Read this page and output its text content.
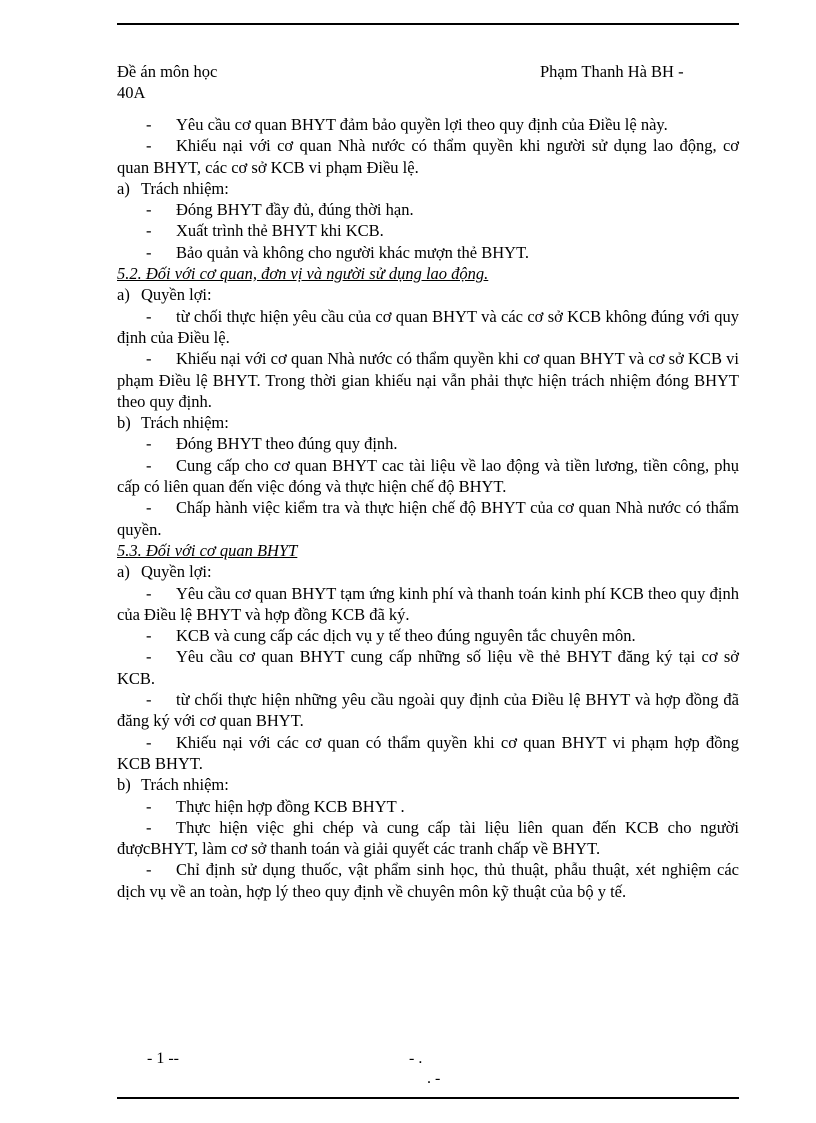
Đề án môn học	Phạm Thanh Hà BH -
40A

- Yêu cầu cơ quan BHYT đảm bảo quyền lợi theo quy định của Điều lệ này.

- Khiếu nại với cơ quan Nhà nước có thẩm quyền khi người sử dụng lao động, cơ quan BHYT, các cơ sở KCB vi phạm Điều lệ.

a) Trách nhiệm:

- Đóng BHYT đầy đủ, đúng thời hạn.

- Xuất trình thẻ BHYT khi KCB.

- Bảo quản và không cho người khác mượn thẻ BHYT.

5.2. Đối với cơ quan, đơn vị và người sử dụng lao động.

a) Quyền lợi:

- từ chối thực hiện yêu cầu của cơ quan BHYT và các cơ sở KCB không đúng với quy định của Điều lệ.

- Khiếu nại với cơ quan Nhà nước có thẩm quyền khi cơ quan BHYT và cơ sở KCB vi phạm Điều lệ BHYT. Trong thời gian khiếu nại vẫn phải thực hiện trách nhiệm đóng BHYT theo quy định.

b) Trách nhiệm:

- Đóng BHYT theo đúng quy định.

- Cung cấp cho cơ quan BHYT cac tài liệu về lao động và tiền lương, tiền công, phụ cấp có liên quan đến việc đóng và thực hiện chế độ BHYT.

- Chấp hành việc kiểm tra và thực hiện chế độ BHYT của cơ quan Nhà nước có thẩm quyền.

5.3. Đối với cơ quan BHYT

a) Quyền lợi:

- Yêu cầu cơ quan BHYT tạm ứng kinh phí và thanh toán kinh phí KCB theo quy định của Điều lệ BHYT và hợp đồng KCB đã ký.

- KCB và cung cấp các dịch vụ y tế theo đúng nguyên tắc chuyên môn.

- Yêu cầu cơ quan BHYT cung cấp những số liệu về thẻ BHYT đăng ký tại cơ sở KCB.

- từ chối thực hiện những yêu cầu ngoài quy định của Điều lệ BHYT và hợp đồng đã đăng ký với cơ quan BHYT.

- Khiếu nại với các cơ quan có thẩm quyền khi cơ quan BHYT vi phạm hợp đồng KCB BHYT.

b) Trách nhiệm:

- Thực hiện hợp đồng KCB BHYT .

- Thực hiện việc ghi chép và cung cấp tài liệu liên quan đến KCB cho người đượcBHYT, làm cơ sở thanh toán và giải quyết các tranh chấp về BHYT.

- Chỉ định sử dụng thuốc, vật phẩm sinh học, thủ thuật, phẫu thuật, xét nghiệm các dịch vụ về an toàn, hợp lý theo quy định về chuyên môn kỹ thuật của bộ y tế.

- 1 --	- .
. -
